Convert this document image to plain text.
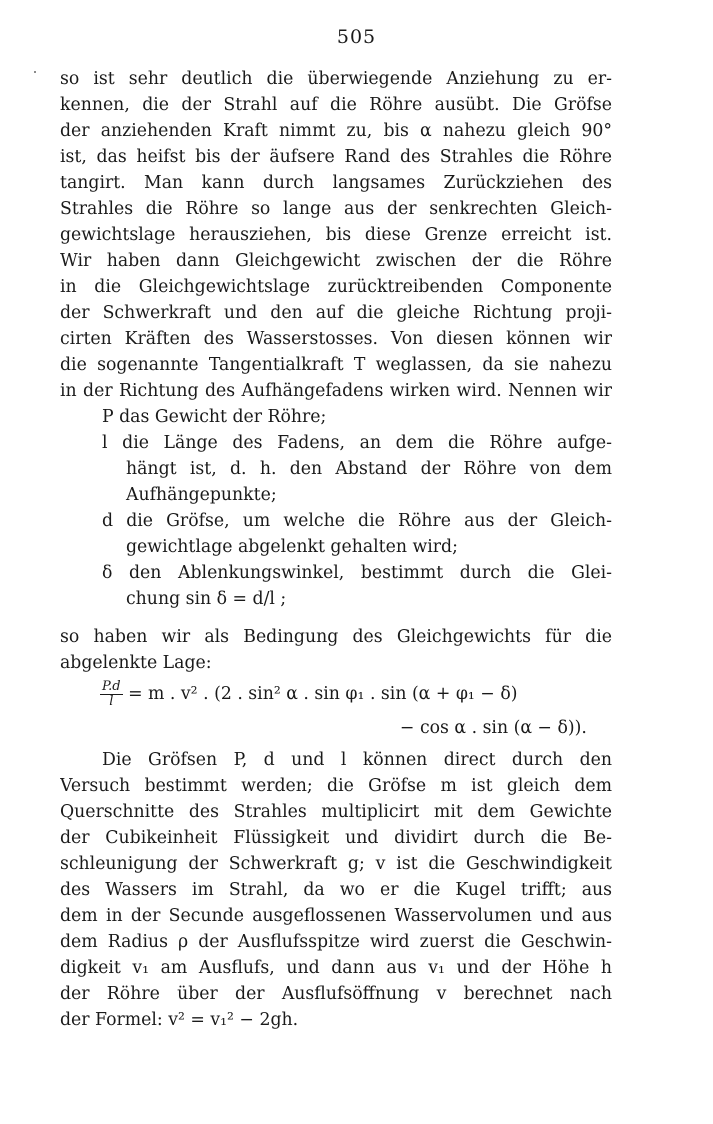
505
so ist sehr deutlich die überwiegende Anziehung zu er-
kennen, die der Strahl auf die Röhre ausübt. Die Gröfse
der anziehenden Kraft nimmt zu, bis α nahezu gleich 90°
ist, das heifst bis der äufsere Rand des Strahles die Röhre
tangirt. Man kann durch langsames Zurückziehen des
Strahles die Röhre so lange aus der senkrechten Gleich-
gewichtslage herausziehen, bis diese Grenze erreicht ist.
Wir haben dann Gleichgewicht zwischen der die Röhre
in die Gleichgewichtslage zurücktreibenden Componente
der Schwerkraft und den auf die gleiche Richtung proji-
cirten Kräften des Wasserstosses. Von diesen können wir
die sogenannte Tangentialkraft T weglassen, da sie nahezu
in der Richtung des Aufhängefadens wirken wird. Nennen wir
P das Gewicht der Röhre;
l die Länge des Fadens, an dem die Röhre aufge-
hängt ist, d. h. den Abstand der Röhre von dem
Aufhängepunkte;
d die Gröfse, um welche die Röhre aus der Gleich-
gewichtlage abgelenkt gehalten wird;
δ den Ablenkungswinkel, bestimmt durch die Glei-
chung sin δ = d/l ;
so haben wir als Bedingung des Gleichgewichts für die
abgelenkte Lage:
$\frac{P.d}{l} = m$ . v² . (2 . sin² α . sin φ₁ . sin (α + φ₁ − δ)
− cos α . sin (α − δ)).
Die Gröfsen P, d und l können direct durch den
Versuch bestimmt werden; die Gröfse m ist gleich dem
Querschnitte des Strahles multiplicirt mit dem Gewichte
der Cubikeinheit Flüssigkeit und dividirt durch die Be-
schleunigung der Schwerkraft g; v ist die Geschwindigkeit
des Wassers im Strahl, da wo er die Kugel trifft; aus
dem in der Secunde ausgeflossenen Wasservolumen und aus
dem Radius ρ der Ausflufsspitze wird zuerst die Geschwin-
digkeit v₁ am Ausflufs, und dann aus v₁ und der Höhe h
der Röhre über der Ausflufsöffnung v berechnet nach
der Formel: v² = v₁² − 2gh.
